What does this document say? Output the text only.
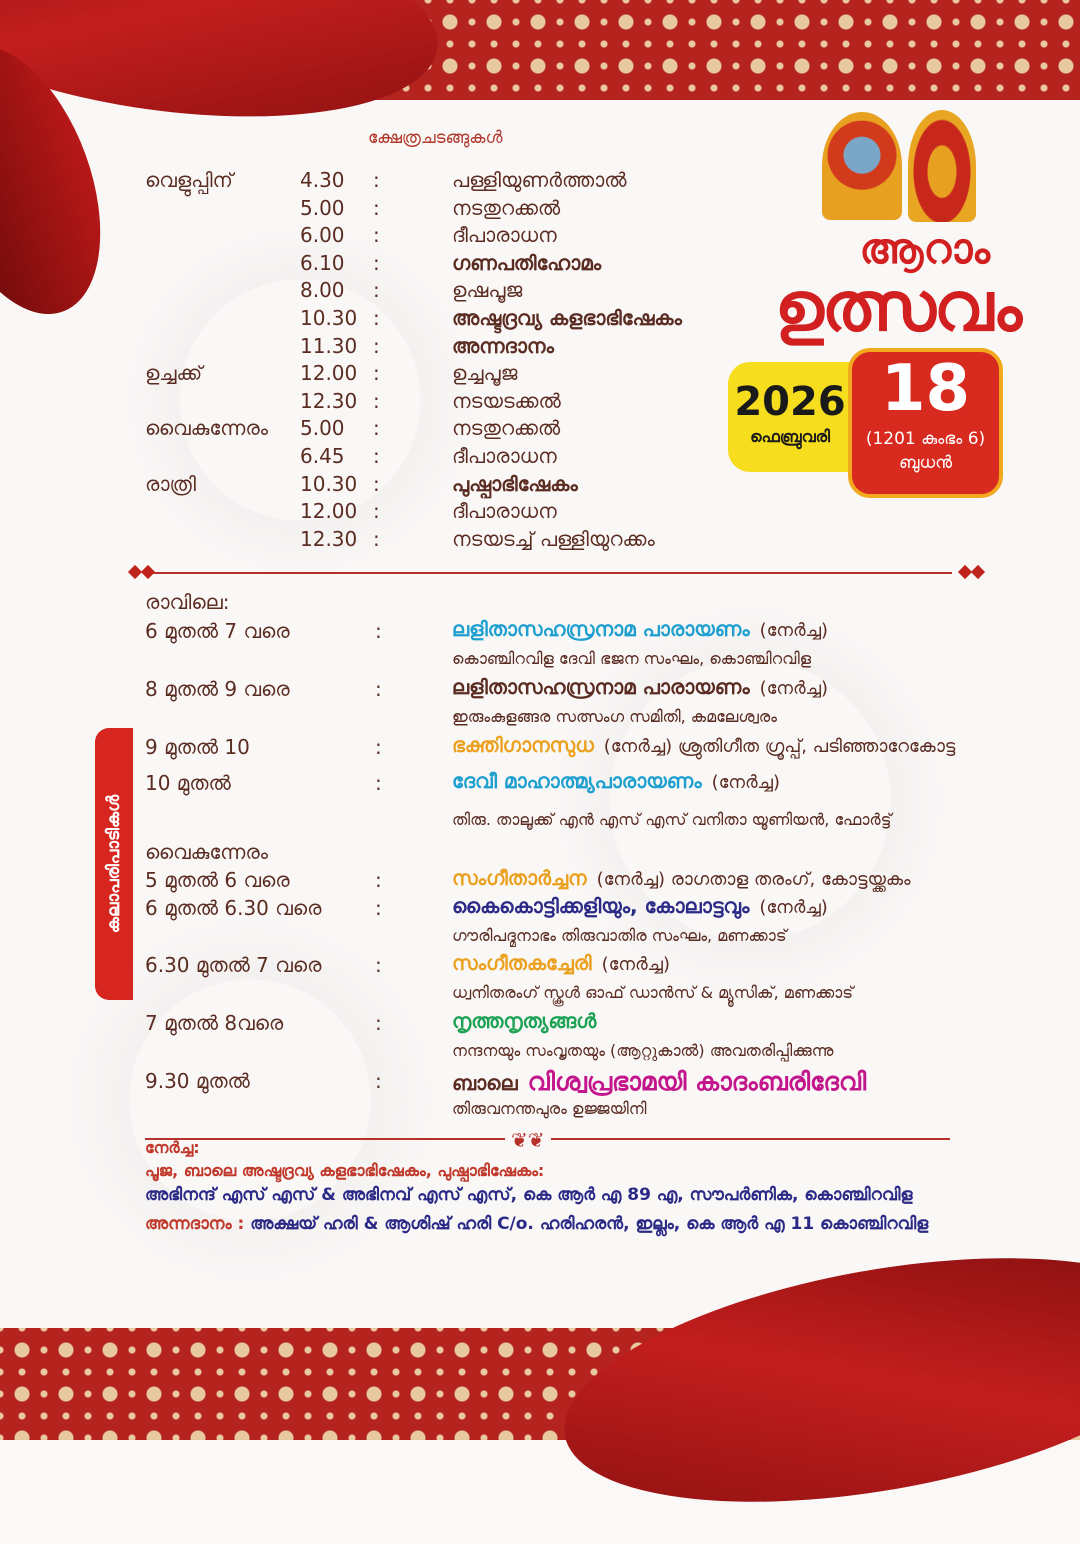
ആറാം
ഉത്സവം
2026
ഫെബ്രുവരി
18
(1201 കുംഭം 6)
ബുധൻ
ക്ഷേത്രചടങ്ങുകൾ
വെളുപ്പിന്	4.30 :	പള്ളിയുണർത്താൽ
5.00 :	നടതുറക്കൽ
6.00 :	ദീപാരാധന
6.10 :	ഗണപതിഹോമം
8.00 :	ഉഷപൂജ
10.30 :	അഷ്ടദ്രവ്യ കളഭാഭിഷേകം
11.30 :	അന്നദാനം
ഉച്ചക്ക്	12.00 :	ഉച്ചപൂജ
12.30 :	നടയടക്കൽ
വൈകുന്നേരം 5.00 :	നടതുറക്കൽ
6.45 :	ദീപാരാധന
രാത്രി	10.30 :	പുഷ്പാഭിഷേകം
12.00 :	ദീപാരാധന
12.30 :	നടയടച്ച് പള്ളിയുറക്കം
കലാപരിപാടികൾ
രാവിലെ:
വൈകുന്നേരം
6 മുതൽ 7 വരെ	:	ലളിതാസഹസ്രനാമ പാരായണം (നേർച്ച)
കൊഞ്ചിറവിള ദേവി ഭജന സംഘം, കൊഞ്ചിറവിള
8 മുതൽ 9 വരെ	:	ലളിതാസഹസ്രനാമ പാരായണം (നേർച്ച)
ഇരുംകുളങ്ങര സത്സംഗ സമിതി, കമലേശ്വരം
9 മുതൽ 10	:	ഭക്തിഗാനസുധ (നേർച്ച) ശ്രുതിഗീത ഗ്രൂപ്പ്, പടിഞ്ഞാറേകോട്ട
10 മുതൽ	:	ദേവീ മാഹാത്മ്യപാരായണം (നേർച്ച)
തിരു. താലൂക്ക് എൻ എസ് എസ് വനിതാ യൂണിയൻ, ഫോർട്ട്
5 മുതൽ 6 വരെ	:	സംഗീതാർച്ചന (നേർച്ച) രാഗതാള തരംഗ്, കോട്ടയ്ക്കകം
6 മുതൽ 6.30 വരെ	:	കൈകൊട്ടിക്കളിയും, കോലാട്ടവും (നേർച്ച)
ഗൗരിപദ്മനാഭം തിരുവാതിര സംഘം, മണക്കാട്
6.30 മുതൽ 7 വരെ	:	സംഗീതകച്ചേരി (നേർച്ച)
ധ്വനിതരംഗ് സ്കൂൾ ഓഫ് ഡാൻസ് & മ്യൂസിക്, മണക്കാട്
7 മുതൽ 8വരെ	:	നൃത്തനൃത്യങ്ങൾ
നന്ദനയും സംവൃതയും (ആറ്റുകാൽ) അവതരിപ്പിക്കുന്നു
9.30 മുതൽ	:	ബാലെ വിശ്വപ്രഭാമയി കാദംബരിദേവി
തിരുവനന്തപുരം ഉജ്ജയിനി
❦❦
നേർച്ച:
പൂജ, ബാലെ അഷ്ടദ്രവ്യ കളഭാഭിഷേകം, പുഷ്പാഭിഷേകം:
അഭിനന്ദ് എസ് എസ് & അഭിനവ് എസ് എസ്, കെ ആർ എ 89 എ, സൗപർണിക, കൊഞ്ചിറവിള
അന്നദാനം : അക്ഷയ് ഹരി & ആശിഷ് ഹരി C/o. ഹരിഹരൻ, ഇല്ലം, കെ ആർ എ 11 കൊഞ്ചിറവിള
